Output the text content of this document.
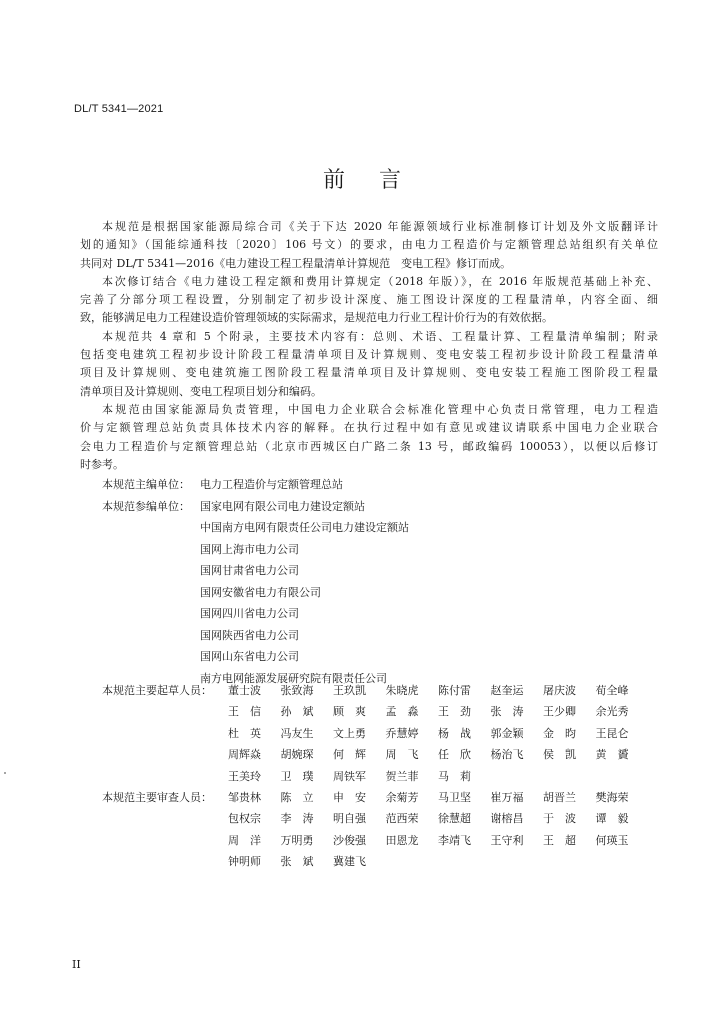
DL/T 5341—2021
前言
本规范是根据国家能源局综合司《关于下达 2020 年能源领域行业标准制修订计划及外文版翻译计
划的通知》（国能综通科技〔2020〕106 号文）的要求，由电力工程造价与定额管理总站组织有关单位
共同对 DL/T 5341—2016《电力建设工程工程量清单计算规范　变电工程》修订而成。
本次修订结合《电力建设工程定额和费用计算规定（2018 年版）》，在 2016 年版规范基础上补充、
完善了分部分项工程设置，分别制定了初步设计深度、施工图设计深度的工程量清单，内容全面、细
致，能够满足电力工程建设造价管理领域的实际需求，是规范电力行业工程计价行为的有效依据。
本规范共 4 章和 5 个附录，主要技术内容有：总则、术语、工程量计算、工程量清单编制；附录
包括变电建筑工程初步设计阶段工程量清单项目及计算规则、变电安装工程初步设计阶段工程量清单
项目及计算规则、变电建筑施工图阶段工程量清单项目及计算规则、变电安装工程施工图阶段工程量
清单项目及计算规则、变电工程项目划分和编码。
本规范由国家能源局负责管理，中国电力企业联合会标准化管理中心负责日常管理，电力工程造
价与定额管理总站负责具体技术内容的解释。在执行过程中如有意见或建议请联系中国电力企业联合
会电力工程造价与定额管理总站（北京市西城区白广路二条 13 号，邮政编码 100053），以便以后修订
时参考。
本规范主编单位： 电力工程造价与定额管理总站
本规范参编单位： 国家电网有限公司电力建设定额站
中国南方电网有限责任公司电力建设定额站
国网上海市电力公司
国网甘肃省电力公司
国网安徽省电力有限公司
国网四川省电力公司
国网陕西省电力公司
国网山东省电力公司
南方电网能源发展研究院有限责任公司
本规范主要起草人员：	董士波	张致海	王玖凯	朱晓虎	陈付雷	赵奎运	屠庆波	荀全峰
王　信	孙　斌	顾　爽	孟　淼	王　劲	张　涛	王少卿	余光秀
杜　英	冯友生	文上勇	乔慧婷	杨　战	郭金颖	金　昀	王昆仑
周辉焱	胡婉琛	何　辉	周　飞	任　欣	杨治飞	侯　凯	黄　贇
王美玲	卫　璞	周铁军	贺兰菲	马　莉
本规范主要审查人员：	邹贵林	陈　立	申　安	余菊芳	马卫坚	崔万福	胡晋兰	樊海荣
包权宗	李　涛	明自强	范西荣	徐慧超	谢榕昌	于　波	谭　毅
周　洋	万明勇	沙俊强	田恩龙	李靖飞	王守利	王　超	何瑛玉
钟明师	张　斌	冀建飞
II
